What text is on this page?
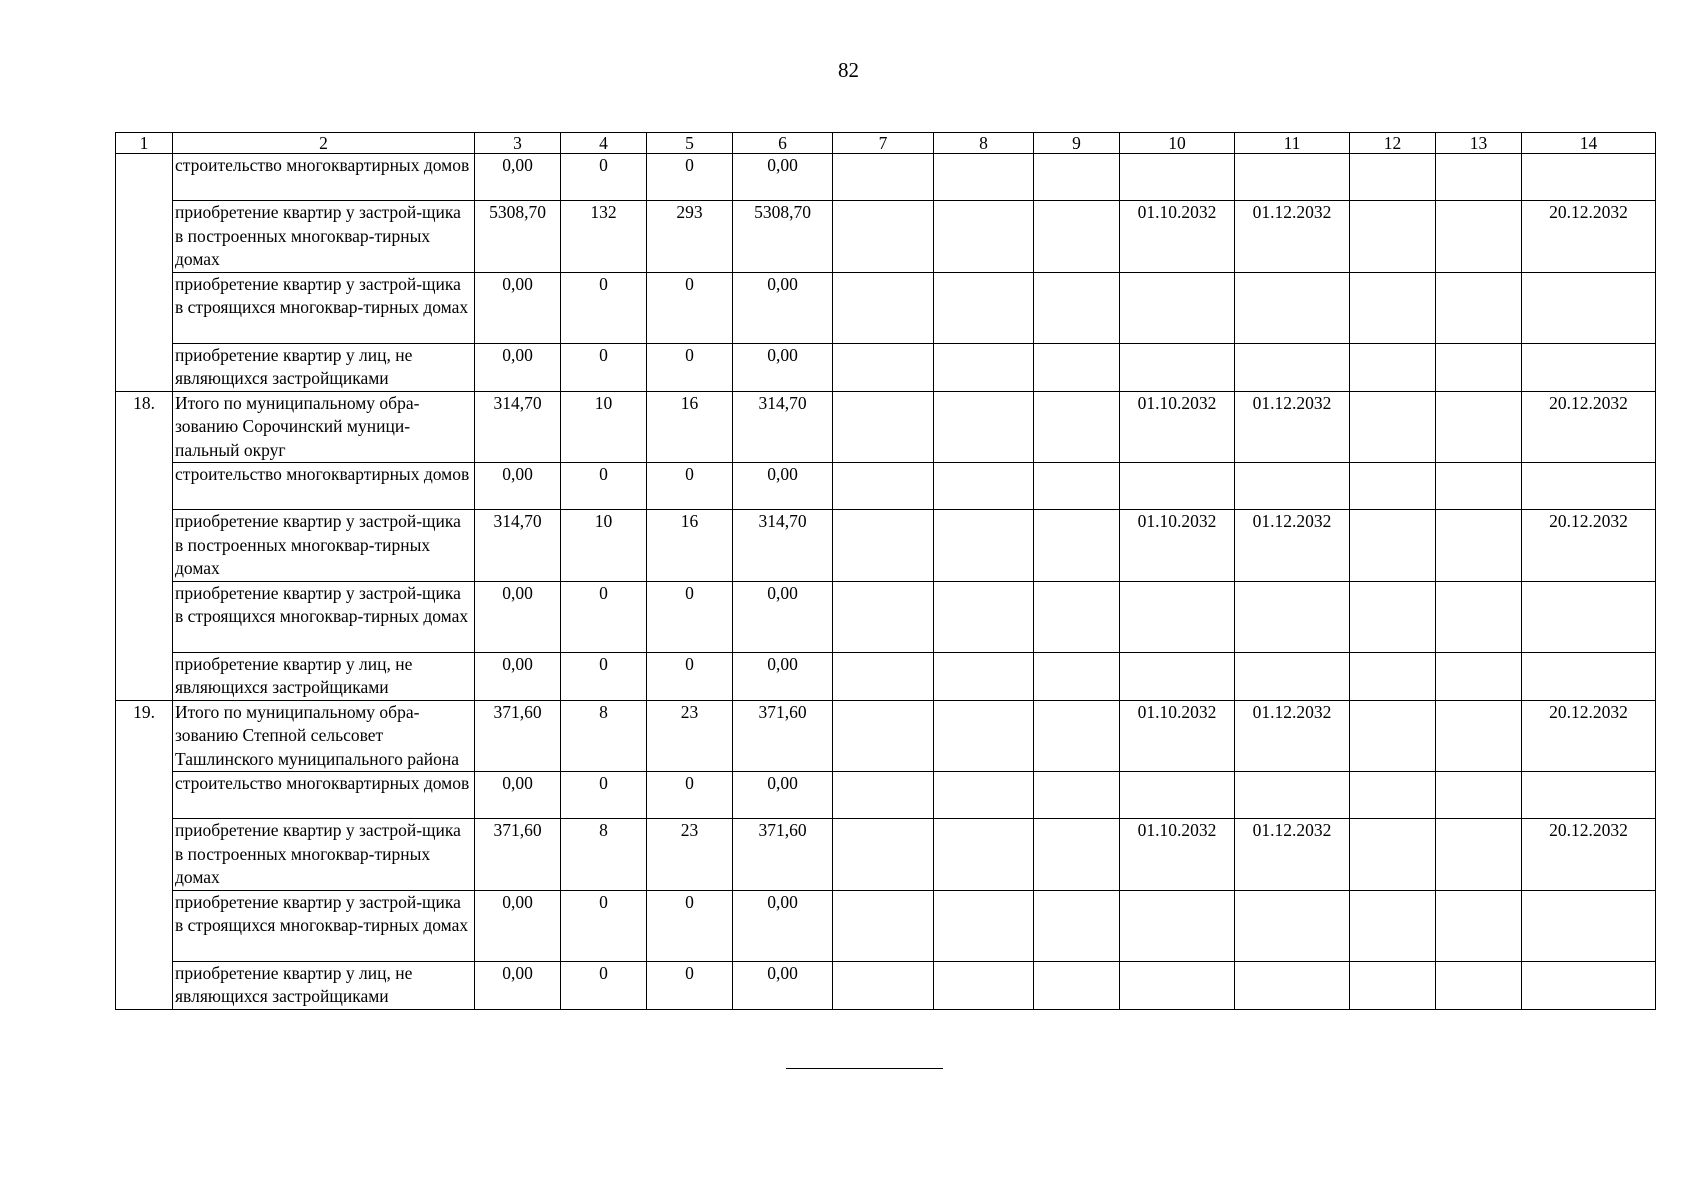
82
1	2	3	4	5	6	7	8	9	10	11	12	13	14
	строительство многоквартирных домов	0,00	0	0	0,00								
	приобретение квартир у застрой-щика в построенных многоквар-тирных домах	5308,70	132	293	5308,70				01.10.2032	01.12.2032			20.12.2032
	приобретение квартир у застрой-щика в строящихся многоквар-тирных домах	0,00	0	0	0,00								
	приобретение квартир у лиц, не являющихся застройщиками	0,00	0	0	0,00								
18.	Итого по муниципальному обра-зованию Сорочинский муници-пальный округ	314,70	10	16	314,70				01.10.2032	01.12.2032			20.12.2032
	строительство многоквартирных домов	0,00	0	0	0,00								
	приобретение квартир у застрой-щика в построенных многоквар-тирных домах	314,70	10	16	314,70				01.10.2032	01.12.2032			20.12.2032
	приобретение квартир у застрой-щика в строящихся многоквар-тирных домах	0,00	0	0	0,00								
	приобретение квартир у лиц, не являющихся застройщиками	0,00	0	0	0,00								
19.	Итого по муниципальному обра-зованию Степной сельсовет Ташлинского муниципального района	371,60	8	23	371,60				01.10.2032	01.12.2032			20.12.2032
	строительство многоквартирных домов	0,00	0	0	0,00								
	приобретение квартир у застрой-щика в построенных многоквар-тирных домах	371,60	8	23	371,60				01.10.2032	01.12.2032			20.12.2032
	приобретение квартир у застрой-щика в строящихся многоквар-тирных домах	0,00	0	0	0,00								
	приобретение квартир у лиц, не являющихся застройщиками	0,00	0	0	0,00								
